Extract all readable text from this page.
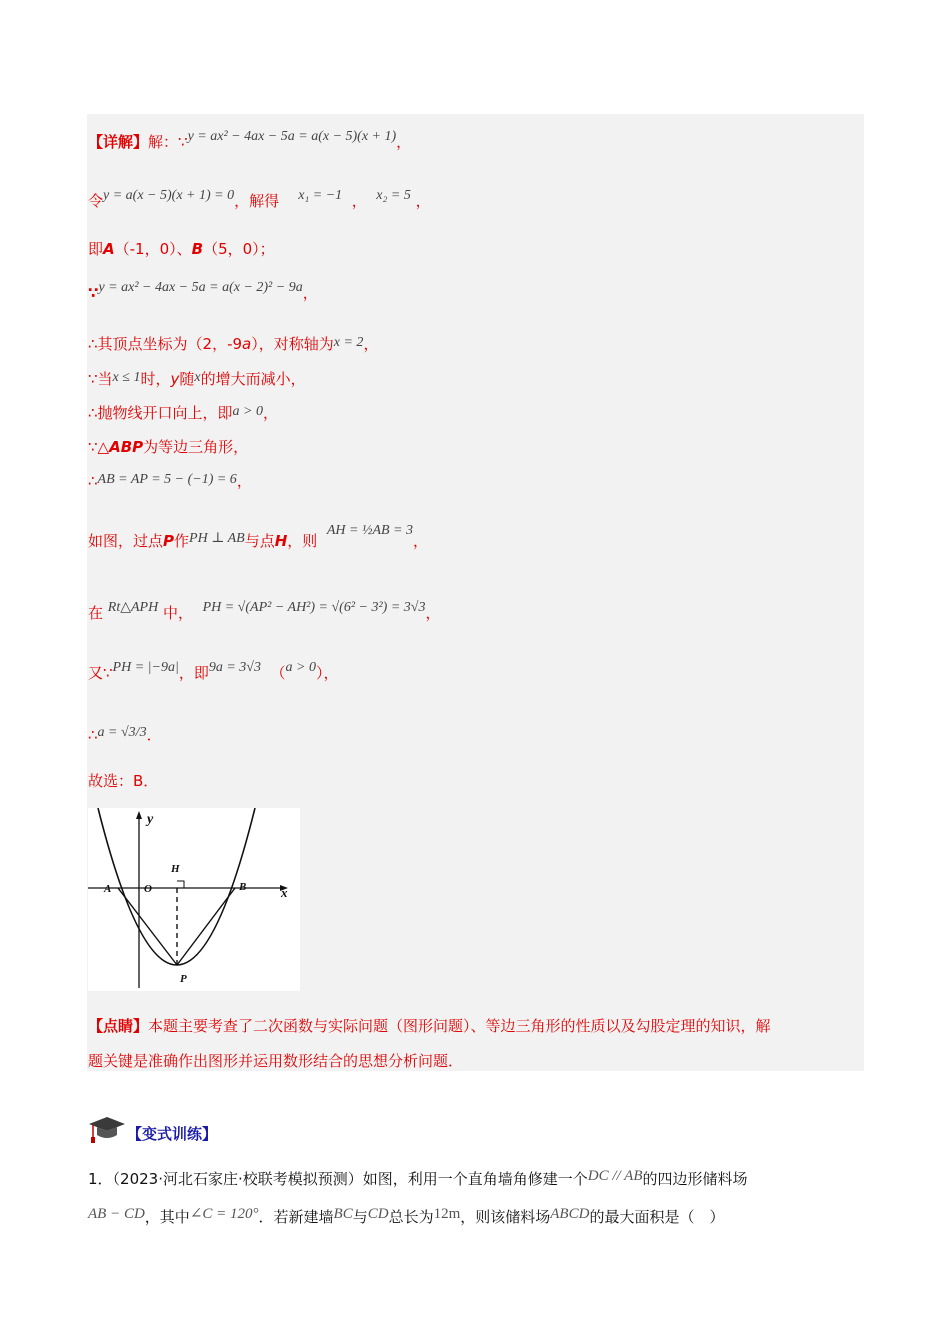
【详解】解：∵y = ax² − 4ax − 5a = a(x − 5)(x + 1)，
令y = a(x − 5)(x + 1) = 0，解得 x₁ = −1 ， x₂ = 5 ，
即A（-1，0）、B（5，0）；
∵y = ax² − 4ax − 5a = a(x − 2)² − 9a，
∴其顶点坐标为（2，-9a），对称轴为x = 2，
∵当x ≤ 1时，y随x的增大而减小，
∴抛物线开口向上，即a > 0，
∵△ABP为等边三角形，
∴AB = AP = 5 − (−1) = 6，
如图，过点P作PH ⊥ AB与点H，则  AH = ½AB = 3，
在 Rt△APH 中， PH = √(AP² − AH²) = √(6² − 3²) = 3√3，
又∵PH = |−9a|，即9a = 3√3 （a > 0），
∴a = √3/3．
故选：B．
y
x
H
A	O	B
P
【点睛】本题主要考查了二次函数与实际问题（图形问题）、等边三角形的性质以及勾股定理的知识，解
题关键是准确作出图形并运用数形结合的思想分析问题．
【变式训练】
1．（2023·河北石家庄·校联考模拟预测）如图，利用一个直角墙角修建一个DC // AB的四边形储料场
AB − CD，其中∠C = 120°．若新建墙BC与CD总长为12m，则该储料场ABCD的最大面积是（　）
